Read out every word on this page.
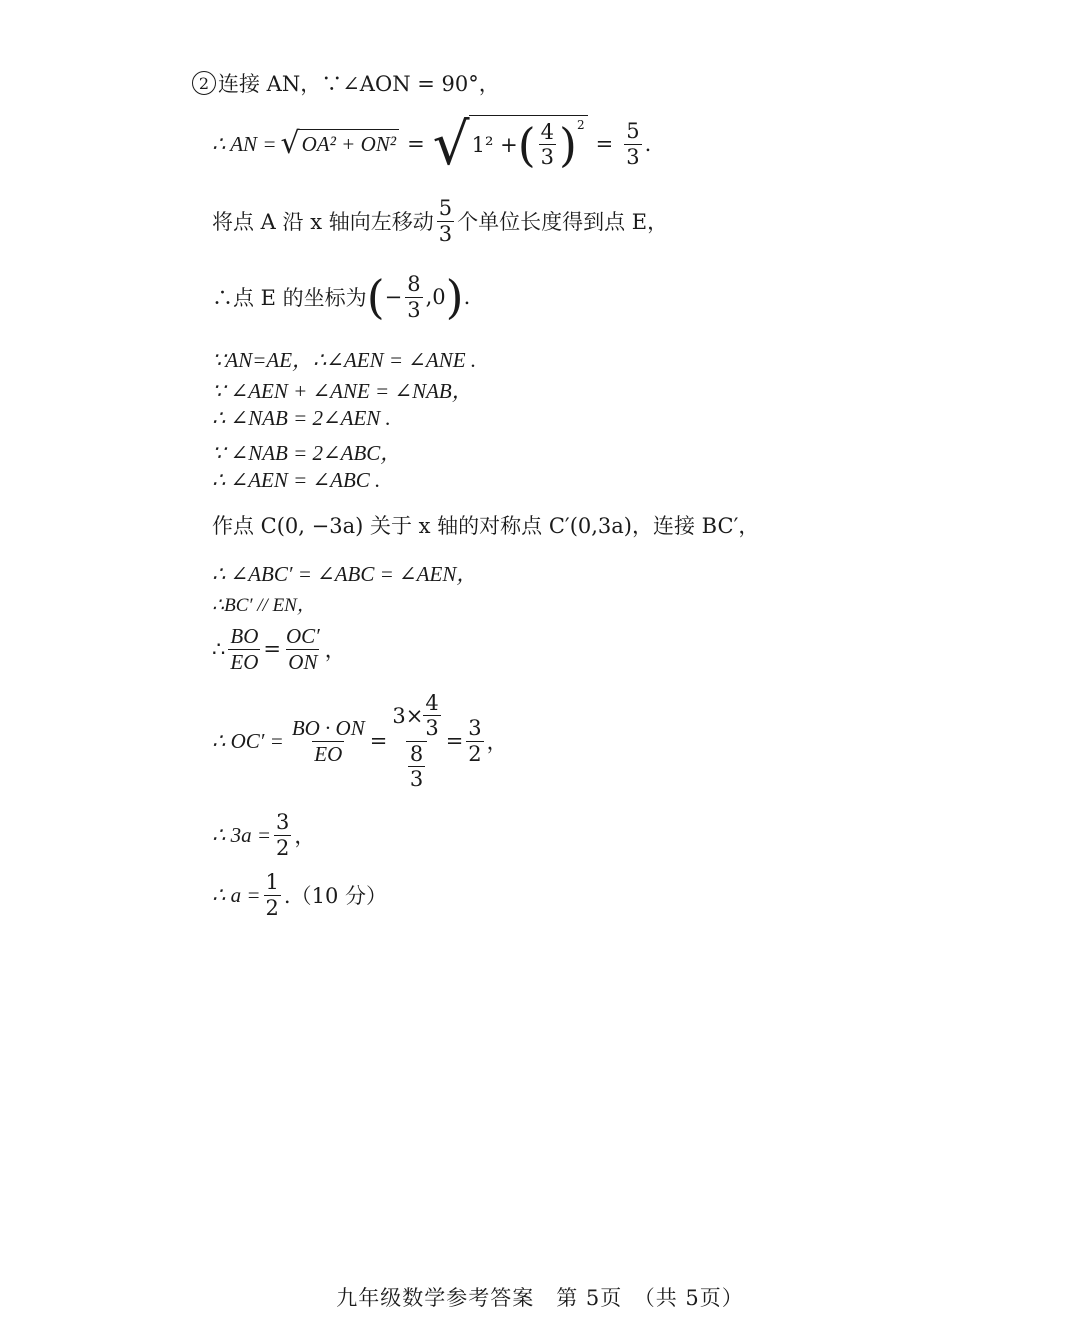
2 连接 AN，∵∠AON = 90°，
∴ AN = √ OA² + ON² = √ 1² + ( $\frac{4}{3} )^2$
= $\frac{5}{3}$ .
将点 A 沿 x 轴向左移动 $\frac{5}{3}$ 个单位长度得到点 E，
∴点 E 的坐标为 ( − $\frac{8}{3} ,0$ ) .
∵AN=AE，∴∠AEN = ∠ANE .
∵ ∠AEN + ∠ANE = ∠NAB，
∴ ∠NAB = 2∠AEN .
∵ ∠NAB = 2∠ABC，
∴ ∠AEN = ∠ABC .
作点 C(0, −3a) 关于 x 轴的对称点 C′(0,3a)，连接 BC′，
∴ ∠ABC′ = ∠ABC = ∠AEN，
∴BC′ // EN，
∴ $\frac{BO}{EO} = \frac{OC'}{ON}$ ，
∴ $OC' = \frac{BO \cdot ON}{EO} = \frac{3\times \frac{4}{3}}{\frac{8}{3}} = \frac{3}{2}$ ，
∴ $3a = \frac{3}{2}$ ，
∴ $a = \frac{1}{2} .(10$ 分）
九年级数学参考答案　第 5页　（共 5页）
